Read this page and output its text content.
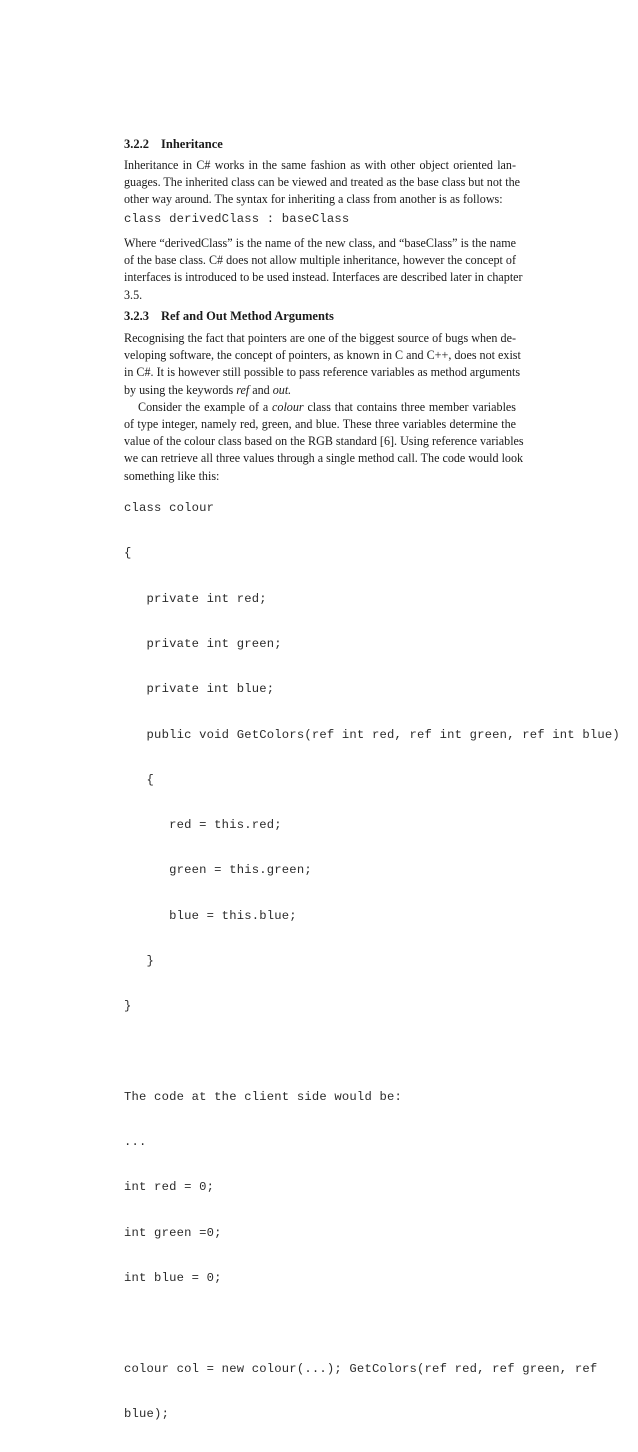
3.2.2 Inheritance
Inheritance in C# works in the same fashion as with other object oriented lan-
guages. The inherited class can be viewed and treated as the base class but not the
other way around. The syntax for inheriting a class from another is as follows:
class derivedClass : baseClass
Where “derivedClass” is the name of the new class, and “baseClass” is the name
of the base class. C# does not allow multiple inheritance, however the concept of
interfaces is introduced to be used instead. Interfaces are described later in chapter
3.5.
3.2.3 Ref and Out Method Arguments
Recognising the fact that pointers are one of the biggest source of bugs when de-
veloping software, the concept of pointers, as known in C and C++, does not exist
in C#. It is however still possible to pass reference variables as method arguments
by using the keywords ref and out.
Consider the example of a colour class that contains three member variables
of type integer, namely red, green, and blue. These three variables determine the
value of the colour class based on the RGB standard [6]. Using reference variables
we can retrieve all three values through a single method call. The code would look
something like this:

class colour

{

private int red;

private int green;

private int blue;

public void GetColors(ref int red, ref int green, ref int blue)

{

red = this.red;

green = this.green;

blue = this.blue;

}

}

The code at the client side would be:

...

int red = 0;

int green =0;

int blue = 0;

colour col = new colour(...); GetColors(ref red, ref green, ref

blue);
